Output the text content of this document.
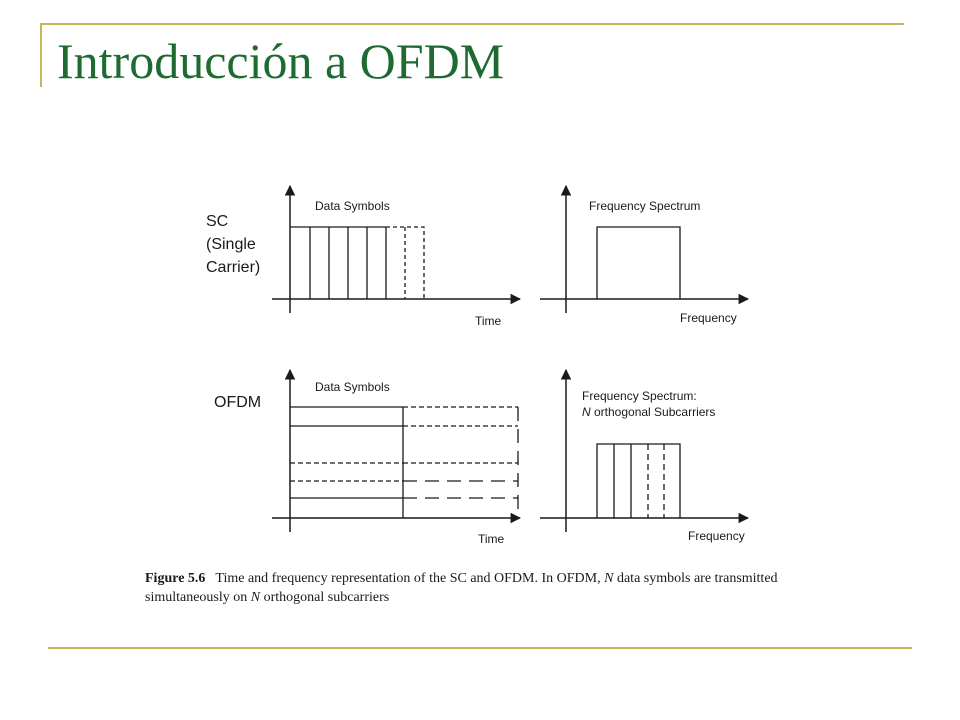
Introducción a OFDM
SC (Single Carrier)
OFDM
Data Symbols
Time
Frequency Spectrum
Frequency
Data Symbols
Time
Frequency Spectrum: N orthogonal Subcarriers
Frequency
Figure 5.6 Time and frequency representation of the SC and OFDM. In OFDM, N data symbols are transmitted simultaneously on N orthogonal subcarriers
